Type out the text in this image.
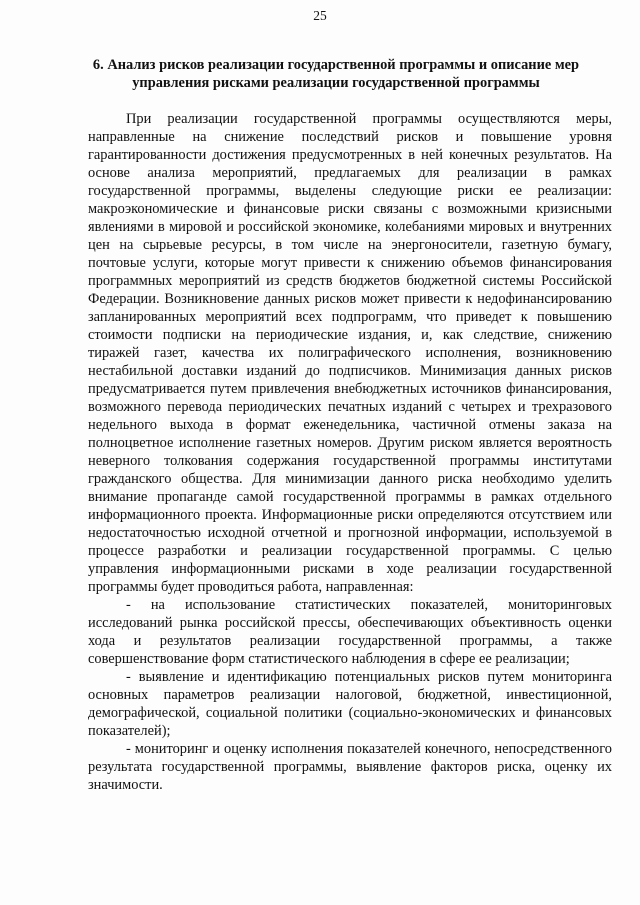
25
6. Анализ рисков реализации государственной программы и описание мер управления рисками реализации государственной программы

При реализации государственной программы осуществляются меры, направленные на снижение последствий рисков и повышение уровня гарантированности достижения предусмотренных в ней конечных результатов. На основе анализа мероприятий, предлагаемых для реализации в рамках государственной программы, выделены следующие риски ее реализации: макроэкономические и финансовые риски связаны с возможными кризисными явлениями в мировой и российской экономике, колебаниями мировых и внутренних цен на сырьевые ресурсы, в том числе на энергоносители, газетную бумагу, почтовые услуги, которые могут привести к снижению объемов финансирования программных мероприятий из средств бюджетов бюджетной системы Российской Федерации. Возникновение данных рисков может привести к недофинансированию запланированных мероприятий всех подпрограмм, что приведет к повышению стоимости подписки на периодические издания, и, как следствие, снижению тиражей газет, качества их полиграфического исполнения, возникновению нестабильной доставки изданий до подписчиков. Минимизация данных рисков предусматривается путем привлечения внебюджетных источников финансирования, возможного перевода периодических печатных изданий с четырех и трехразового недельного выхода в формат еженедельника, частичной отмены заказа на полноцветное исполнение газетных номеров. Другим риском является вероятность неверного толкования содержания государственной программы институтами гражданского общества. Для минимизации данного риска необходимо уделить внимание пропаганде самой государственной программы в рамках отдельного информационного проекта. Информационные риски определяются отсутствием или недостаточностью исходной отчетной и прогнозной информации, используемой в процессе разработки и реализации государственной программы. С целью управления информационными рисками в ходе реализации государственной программы будет проводиться работа, направленная:

- на использование статистических показателей, мониторинговых исследований рынка российской прессы, обеспечивающих объективность оценки хода и результатов реализации государственной программы, а также совершенствование форм статистического наблюдения в сфере ее реализации;

- выявление и идентификацию потенциальных рисков путем мониторинга основных параметров реализации налоговой, бюджетной, инвестиционной, демографической, социальной политики (социально-экономических и финансовых показателей);

- мониторинг и оценку исполнения показателей конечного, непосредственного результата государственной программы, выявление факторов риска, оценку их значимости.
